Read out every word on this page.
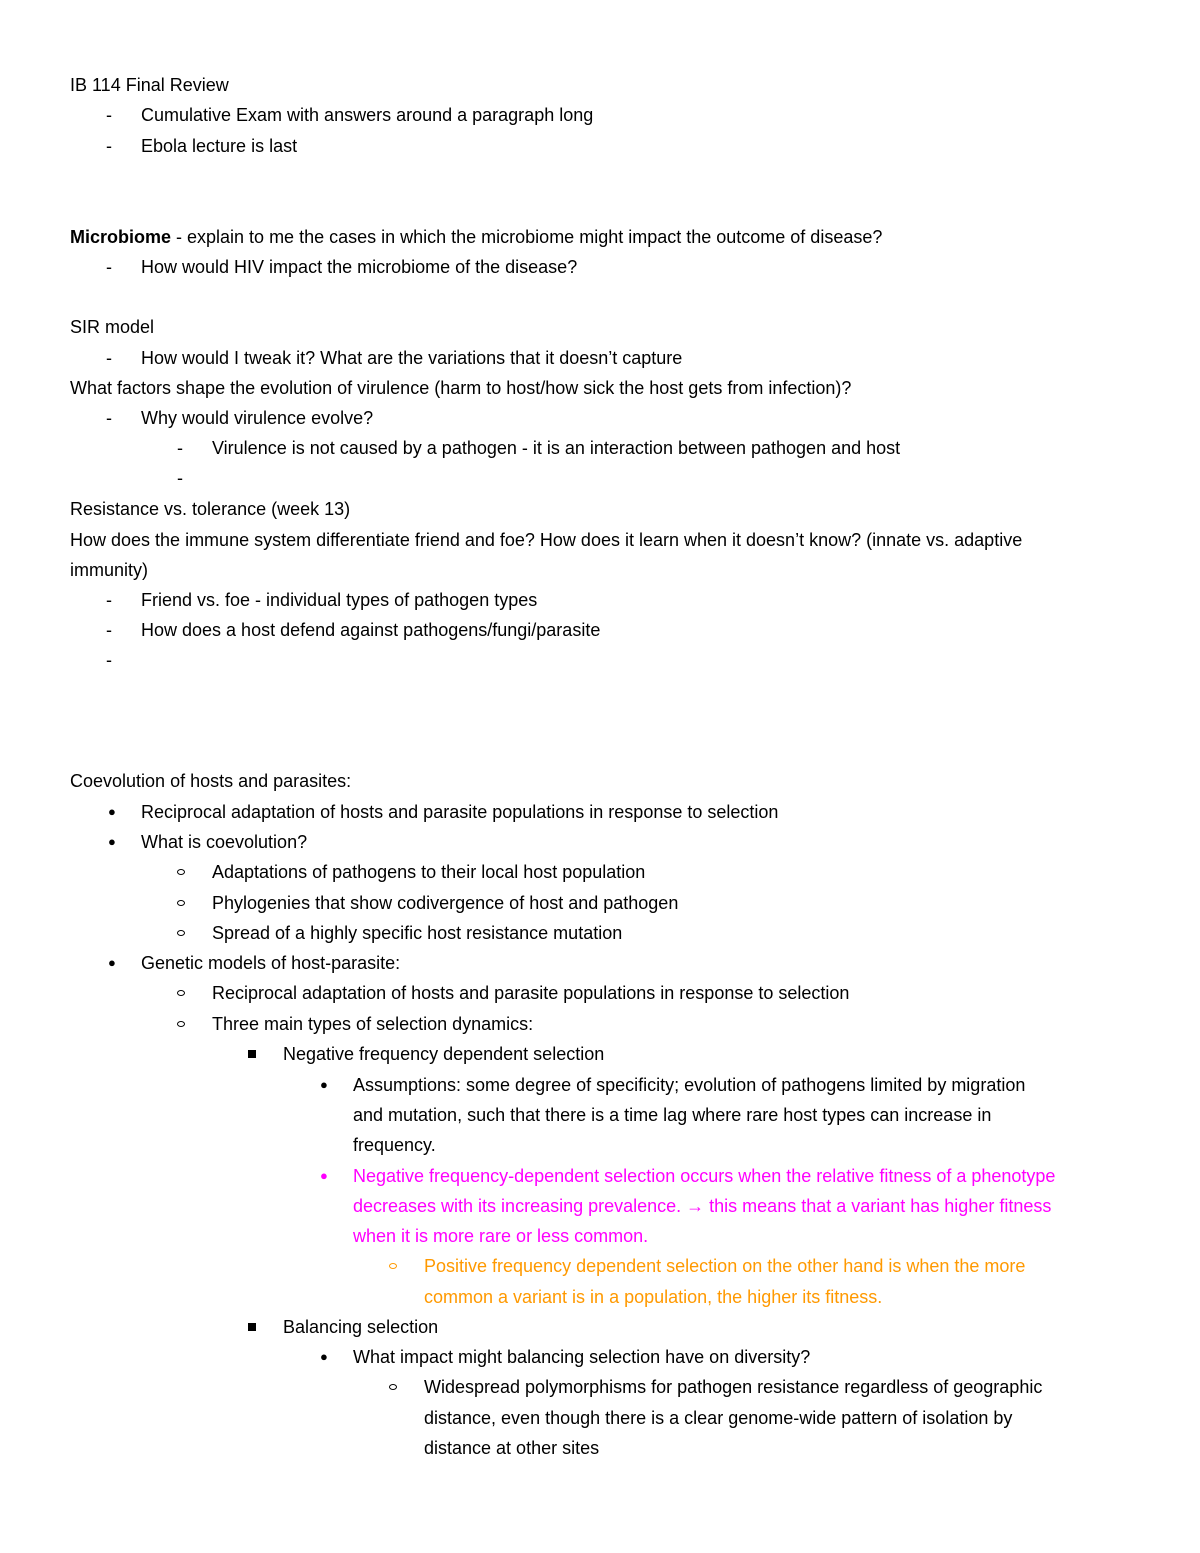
IB 114 Final Review
- Cumulative Exam with answers around a paragraph long
- Ebola lecture is last
Microbiome - explain to me the cases in which the microbiome might impact the outcome of disease?
- How would HIV impact the microbiome of the disease?
SIR model
- How would I tweak it? What are the variations that it doesn’t capture
What factors shape the evolution of virulence (harm to host/how sick the host gets from infection)?
- Why would virulence evolve?
- Virulence is not caused by a pathogen - it is an interaction between pathogen and host
-
Resistance vs. tolerance (week 13)
How does the immune system differentiate friend and foe? How does it learn when it doesn’t know? (innate vs. adaptive
immunity)
- Friend vs. foe - individual types of pathogen types
- How does a host defend against pathogens/fungi/parasite
-
Coevolution of hosts and parasites:
● Reciprocal adaptation of hosts and parasite populations in response to selection
● What is coevolution?
Adaptations of pathogens to their local host population
Phylogenies that show codivergence of host and pathogen
Spread of a highly specific host resistance mutation
● Genetic models of host-parasite:
Reciprocal adaptation of hosts and parasite populations in response to selection
Three main types of selection dynamics:
Negative frequency dependent selection
● Assumptions: some degree of specificity; evolution of pathogens limited by migration
and mutation, such that there is a time lag where rare host types can increase in
frequency.
● Negative frequency-dependent selection occurs when the relative fitness of a phenotype
decreases with its increasing prevalence. → this means that a variant has higher fitness
when it is more rare or less common.
Positive frequency dependent selection on the other hand is when the more
common a variant is in a population, the higher its fitness.
Balancing selection
● What impact might balancing selection have on diversity?
Widespread polymorphisms for pathogen resistance regardless of geographic
distance, even though there is a clear genome-wide pattern of isolation by
distance at other sites
